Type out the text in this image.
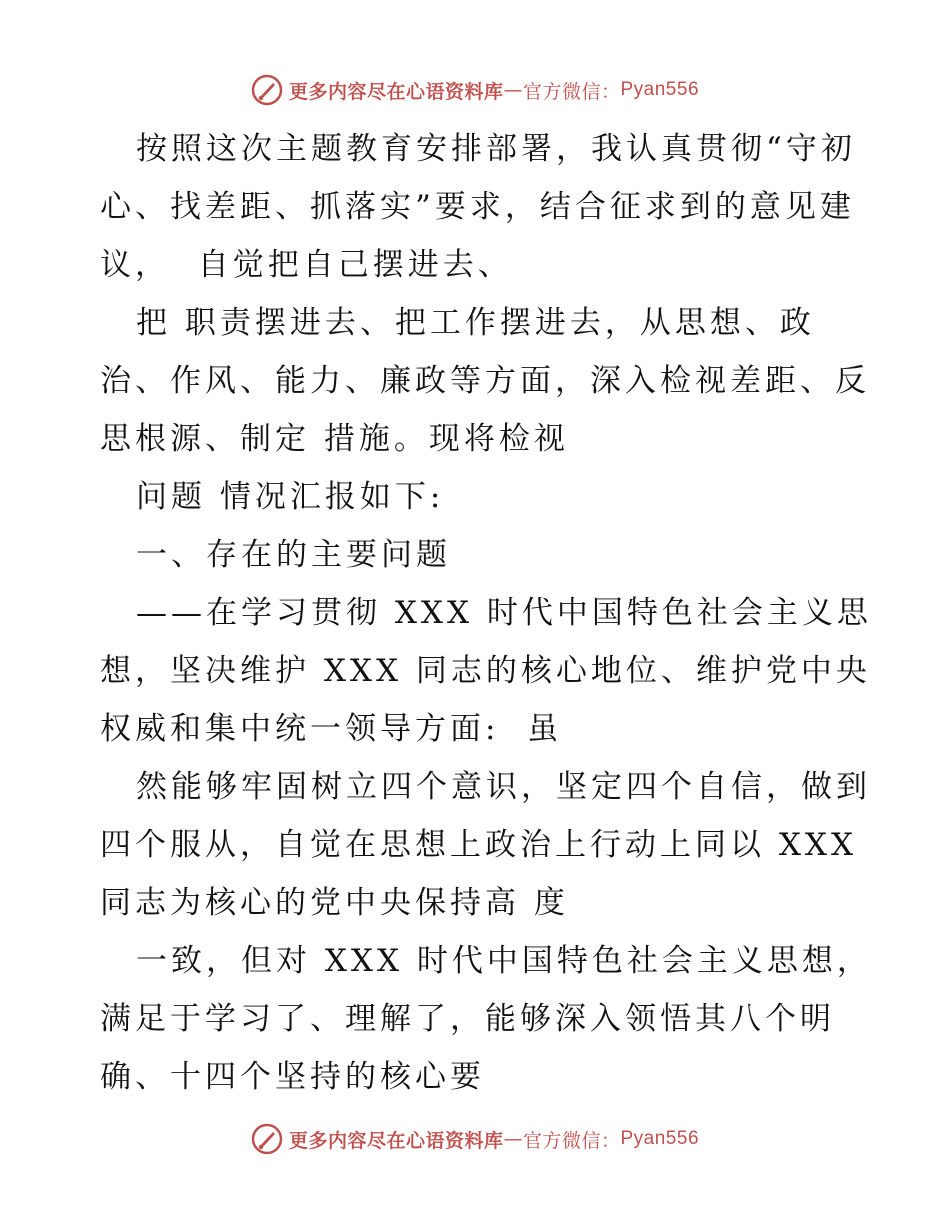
更多内容尽在心语资料库 — 官方微信： Pyan556
按照这次主题教育安排部署，我认真贯彻“守初
心、找差距、抓落实”要求，结合征求到的意见建
议，  自觉把自己摆进去、
把 职责摆进去、把工作摆进去，从思想、政
治、作风、能力、廉政等方面，深入检视差距、反
思根源、制定 措施。现将检视
问题 情况汇报如下:
一、存在的主要问题
——在学习贯彻 XXX 时代中国特色社会主义思
想，坚决维护 XXX 同志的核心地位、维护党中央
权威和集中统一领导方面:  虽
然能够牢固树立四个意识，坚定四个自信，做到
四个服从，自觉在思想上政治上行动上同以 XXX
同志为核心的党中央保持高 度
一致，但对 XXX 时代中国特色社会主义思想，
满足于学习了、理解了，能够深入领悟其八个明
确、十四个坚持的核心要
更多内容尽在心语资料库 — 官方微信： Pyan556
